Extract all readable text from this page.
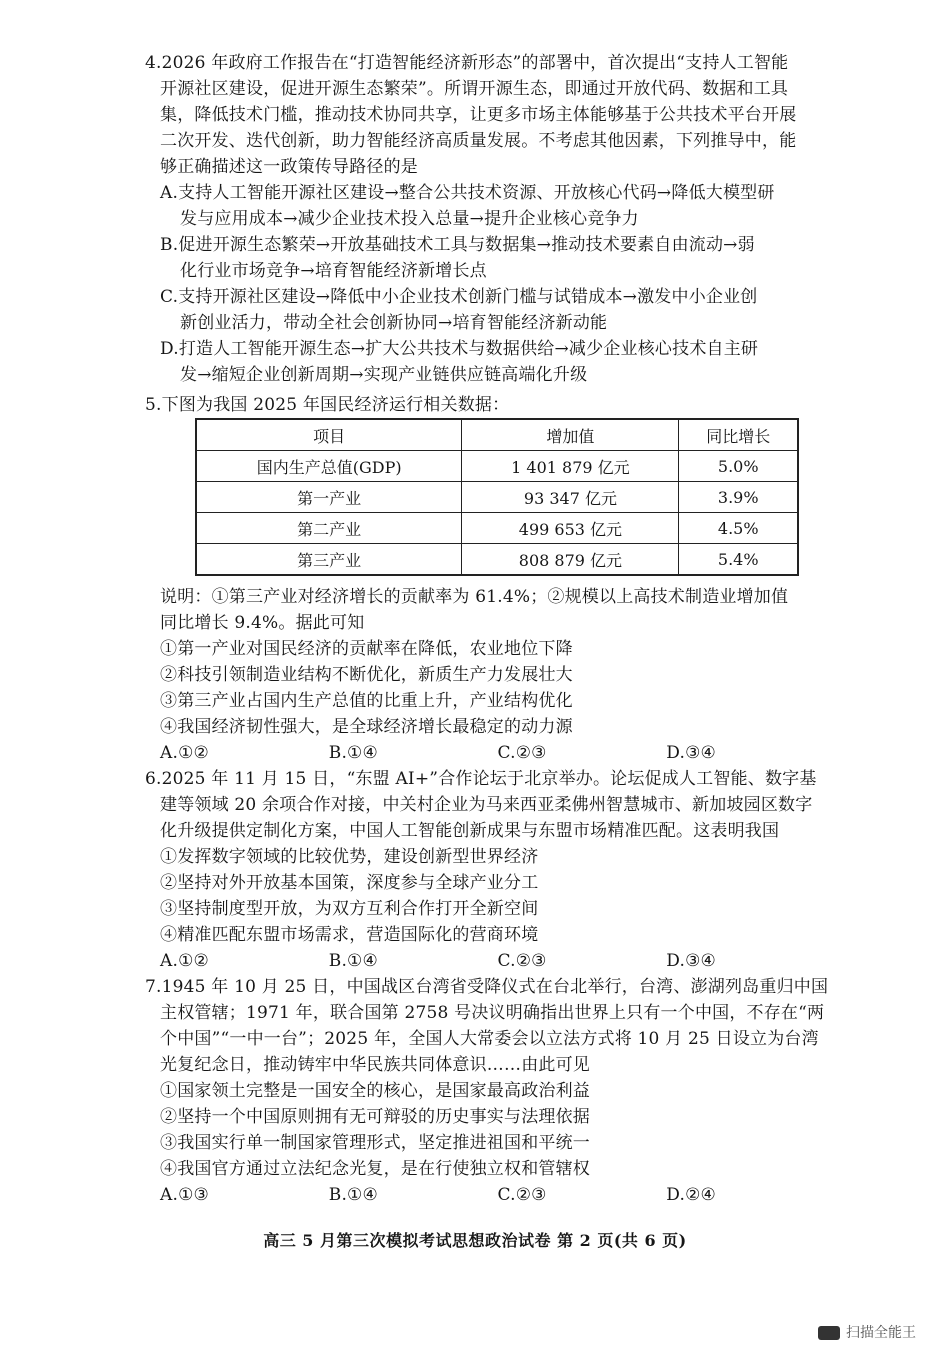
4.2026 年政府工作报告在“打造智能经济新形态”的部署中，首次提出“支持人工智能
开源社区建设，促进开源生态繁荣”。所谓开源生态，即通过开放代码、数据和工具
集，降低技术门槛，推动技术协同共享，让更多市场主体能够基于公共技术平台开展
二次开发、迭代创新，助力智能经济高质量发展。不考虑其他因素，下列推导中，能
够正确描述这一政策传导路径的是
A.支持人工智能开源社区建设→整合公共技术资源、开放核心代码→降低大模型研
发与应用成本→减少企业技术投入总量→提升企业核心竞争力
B.促进开源生态繁荣→开放基础技术工具与数据集→推动技术要素自由流动→弱
化行业市场竞争→培育智能经济新增长点
C.支持开源社区建设→降低中小企业技术创新门槛与试错成本→激发中小企业创
新创业活力，带动全社会创新协同→培育智能经济新动能
D.打造人工智能开源生态→扩大公共技术与数据供给→减少企业核心技术自主研
发→缩短企业创新周期→实现产业链供应链高端化升级
5.下图为我国 2025 年国民经济运行相关数据：
项目	增加值	同比增长
国内生产总值(GDP)	1 401 879 亿元	5.0%
第一产业	93 347 亿元	3.9%
第二产业	499 653 亿元	4.5%
第三产业	808 879 亿元	5.4%
说明：①第三产业对经济增长的贡献率为 61.4%；②规模以上高技术制造业增加值
同比增长 9.4%。据此可知
①第一产业对国民经济的贡献率在降低，农业地位下降
②科技引领制造业结构不断优化，新质生产力发展壮大
③第三产业占国内生产总值的比重上升，产业结构优化
④我国经济韧性强大，是全球经济增长最稳定的动力源
A.①②	B.①④	C.②③	D.③④
6.2025 年 11 月 15 日，“东盟 AI+”合作论坛于北京举办。论坛促成人工智能、数字基
建等领域 20 余项合作对接，中关村企业为马来西亚柔佛州智慧城市、新加坡园区数字
化升级提供定制化方案，中国人工智能创新成果与东盟市场精准匹配。这表明我国
①发挥数字领域的比较优势，建设创新型世界经济
②坚持对外开放基本国策，深度参与全球产业分工
③坚持制度型开放，为双方互利合作打开全新空间
④精准匹配东盟市场需求，营造国际化的营商环境
A.①②	B.①④	C.②③	D.③④
7.1945 年 10 月 25 日，中国战区台湾省受降仪式在台北举行，台湾、澎湖列岛重归中国
主权管辖；1971 年，联合国第 2758 号决议明确指出世界上只有一个中国，不存在“两
个中国”“一中一台”；2025 年，全国人大常委会以立法方式将 10 月 25 日设立为台湾
光复纪念日，推动铸牢中华民族共同体意识……由此可见
①国家领土完整是一国安全的核心，是国家最高政治利益
②坚持一个中国原则拥有无可辩驳的历史事实与法理依据
③我国实行单一制国家管理形式，坚定推进祖国和平统一
④我国官方通过立法纪念光复，是在行使独立权和管辖权
A.①③	B.①④	C.②③	D.②④
高三 5 月第三次模拟考试思想政治试卷 第 2 页(共 6 页)
扫描全能王
